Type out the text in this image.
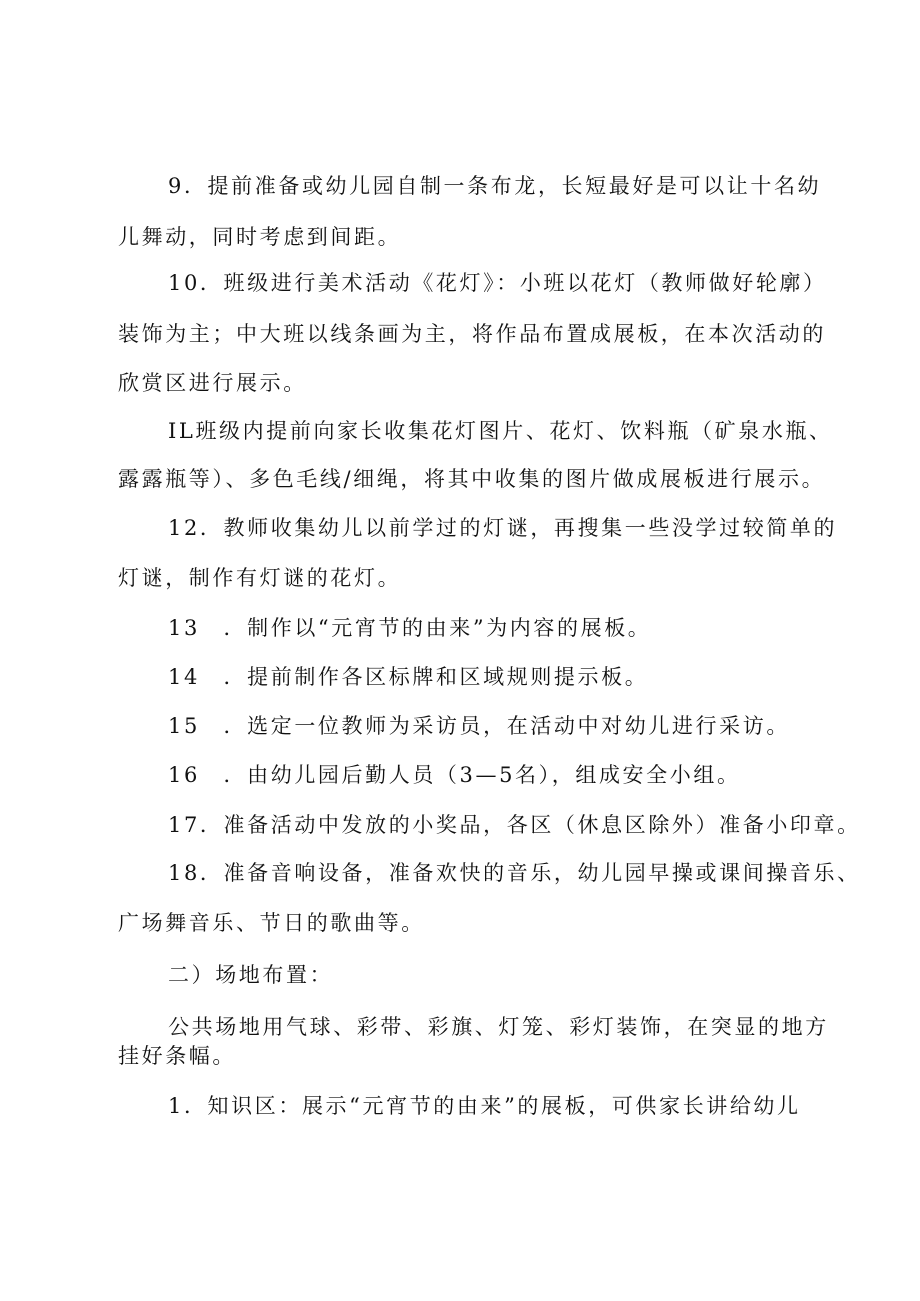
9．提前准备或幼儿园自制一条布龙，长短最好是可以让十名幼
儿舞动，同时考虑到间距。
10．班级进行美术活动《花灯》：小班以花灯（教师做好轮廓）
装饰为主；中大班以线条画为主，将作品布置成展板，在本次活动的
欣赏区进行展示。
IL班级内提前向家长收集花灯图片、花灯、饮料瓶（矿泉水瓶、
露露瓶等）、多色毛线/细绳，将其中收集的图片做成展板进行展示。
12．教师收集幼儿以前学过的灯谜，再搜集一些没学过较简单的
灯谜，制作有灯谜的花灯。
13　．制作以“元宵节的由来”为内容的展板。
14　．提前制作各区标牌和区域规则提示板。
15　．选定一位教师为采访员，在活动中对幼儿进行采访。
16　．由幼儿园后勤人员（3—5名），组成安全小组。
17．准备活动中发放的小奖品，各区（休息区除外）准备小印章。
18．准备音响设备，准备欢快的音乐，幼儿园早操或课间操音乐、
广场舞音乐、节日的歌曲等。
二）场地布置：
公共场地用气球、彩带、彩旗、灯笼、彩灯装饰，在突显的地方
挂好条幅。
1．知识区：展示“元宵节的由来”的展板，可供家长讲给幼儿
